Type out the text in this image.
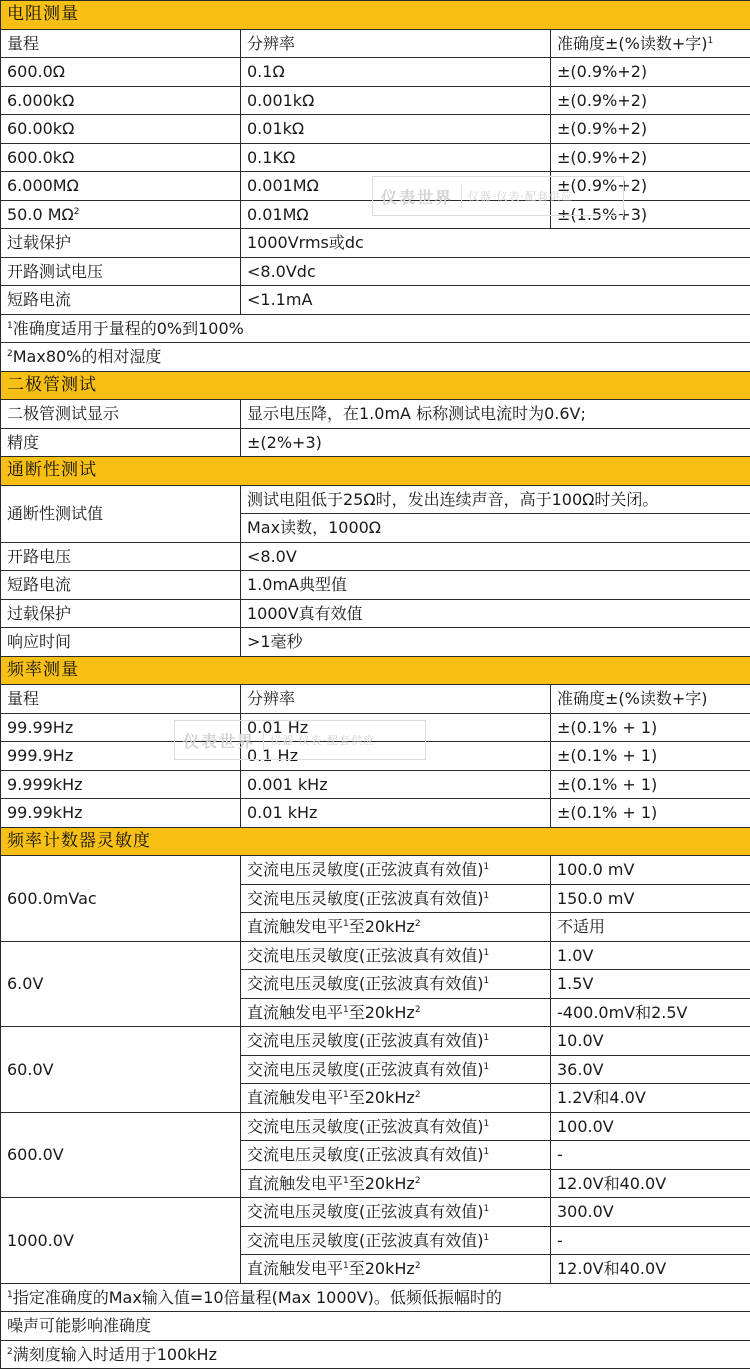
电阻测量		
量程	分辨率	准确度±(%读数+字)$^1$
600.0Ω	0.1Ω	±(0.9%+2)
6.000kΩ	0.001kΩ	±(0.9%+2)
60.00kΩ	0.01kΩ	±(0.9%+2)
600.0kΩ	0.1KΩ	±(0.9%+2)
6.000MΩ	0.001MΩ	±(0.9%+2)
50.0 $M\Omega^2$	0.01MΩ	±(1.5%+3)
过载保护	1000Vrms或dc	
开路测试电压	<8.0Vdc	
短路电流	<1.1mA	
$^1$准确度适用于量程的0%到100%		
$^2$Max80%的相对湿度		
二极管测试		
二极管测试显示	显示电压降，在1.0mA 标称测试电流时为0.6V;	
精度	±(2%+3)	
通断性测试		
通断性测试值	测试电阻低于25Ω时，发出连续声音，高于100Ω时关闭。	
	Max读数，1000Ω	
开路电压	<8.0V	
短路电流	1.0mA典型值	
过载保护	1000V真有效值	
响应时间	>1毫秒	
频率测量		
量程	分辨率	准确度±(%读数+字)
99.99Hz	0.01 Hz	±(0.1% + 1)
999.9Hz	0.1 Hz	±(0.1% + 1)
9.999kHz	0.001 kHz	±(0.1% + 1)
99.99kHz	0.01 kHz	±(0.1% + 1)
频率计数器灵敏度		
600.0mVac	交流电压灵敏度(正弦波真有效值)$^1$	100.0 mV
	交流电压灵敏度(正弦波真有效值)$^1$	150.0 mV
	直流触发电平$^1$至20kHz$^2$	不适用
6.0V	交流电压灵敏度(正弦波真有效值)$^1$	1.0V
	交流电压灵敏度(正弦波真有效值)$^1$	1.5V
	直流触发电平$^1$至20kHz$^2$	-400.0mV和2.5V
60.0V	交流电压灵敏度(正弦波真有效值)$^1$	10.0V
	交流电压灵敏度(正弦波真有效值)$^1$	36.0V
	直流触发电平$^1$至20kHz$^2$	1.2V和4.0V
600.0V	交流电压灵敏度(正弦波真有效值)$^1$	100.0V
	交流电压灵敏度(正弦波真有效值)$^1$	-
	直流触发电平$^1$至20kHz$^2$	12.0V和40.0V
1000.0V	交流电压灵敏度(正弦波真有效值)$^1$	300.0V
	交流电压灵敏度(正弦波真有效值)$^1$	-
	直流触发电平$^1$至20kHz$^2$	12.0V和40.0V
$^1$指定准确度的Max输入值=10倍量程(Max 1000V)。低频低振幅时的		
噪声可能影响准确度		
$^2$满刻度输入时适用于100kHz		
仪表世界	仪器·仪表·配套供应
仪表世界	仪器·仪表·配套供应
